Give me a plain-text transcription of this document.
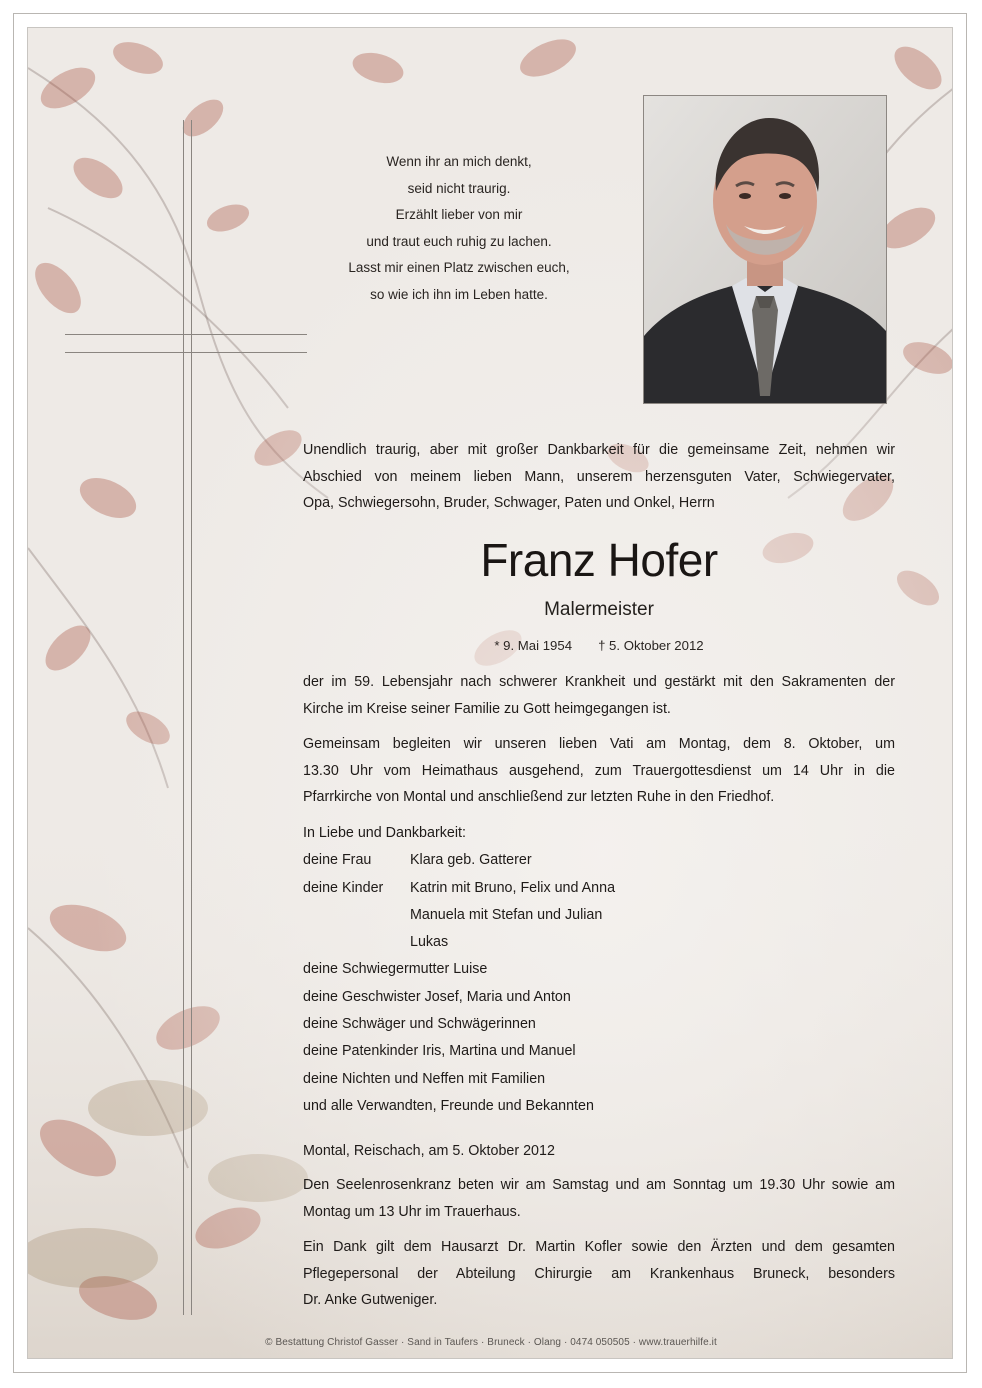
Wenn ihr an mich denkt,
seid nicht traurig.
Erzählt lieber von mir
und traut euch ruhig zu lachen.
Lasst mir einen Platz zwischen euch,
so wie ich ihn im Leben hatte.
Unendlich traurig, aber mit großer Dankbarkeit für die gemeinsame Zeit, nehmen wir
Abschied von meinem lieben Mann, unserem herzensguten Vater, Schwiegervater,
Opa, Schwiegersohn, Bruder, Schwager, Paten und Onkel, Herrn
Franz Hofer
Malermeister
* 9. Mai 1954 † 5. Oktober 2012
der im 59. Lebensjahr nach schwerer Krankheit und gestärkt mit den Sakramenten der
Kirche im Kreise seiner Familie zu Gott heimgegangen ist.
Gemeinsam begleiten wir unseren lieben Vati am Montag, dem 8. Oktober, um
13.30 Uhr vom Heimathaus ausgehend, zum Trauergottesdienst um 14 Uhr in die
Pfarrkirche von Montal und anschließend zur letzten Ruhe in den Friedhof.
In Liebe und Dankbarkeit:
deine Frau	Klara geb. Gatterer
deine Kinder	Katrin mit Bruno, Felix und Anna
Manuela mit Stefan und Julian
Lukas
deine Schwiegermutter Luise
deine Geschwister Josef, Maria und Anton
deine Schwäger und Schwägerinnen
deine Patenkinder Iris, Martina und Manuel
deine Nichten und Neffen mit Familien
und alle Verwandten, Freunde und Bekannten
Montal, Reischach, am 5. Oktober 2012
Den Seelenrosenkranz beten wir am Samstag und am Sonntag um 19.30 Uhr sowie am
Montag um 13 Uhr im Trauerhaus.
Ein Dank gilt dem Hausarzt Dr. Martin Kofler sowie den Ärzten und dem gesamten
Pflegepersonal der Abteilung Chirurgie am Krankenhaus Bruneck, besonders
Dr. Anke Gutweniger.
© Bestattung Christof Gasser · Sand in Taufers · Bruneck · Olang · 0474 050505 · www.trauerhilfe.it
